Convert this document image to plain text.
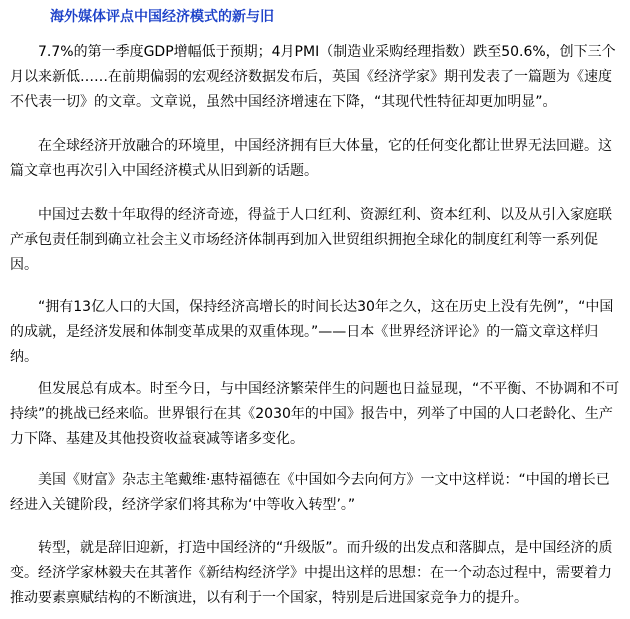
海外媒体评点中国经济模式的新与旧

7.7%的第一季度GDP增幅低于预期；4月PMI（制造业采购经理指数）跌至50.6%，创下三个月以来新低……在前期偏弱的宏观经济数据发布后，英国《经济学家》期刊发表了一篇题为《速度不代表一切》的文章。文章说，虽然中国经济增速在下降，“其现代性特征却更加明显”。

在全球经济开放融合的环境里，中国经济拥有巨大体量，它的任何变化都让世界无法回避。这篇文章也再次引入中国经济模式从旧到新的话题。

中国过去数十年取得的经济奇迹，得益于人口红利、资源红利、资本红利、以及从引入家庭联产承包责任制到确立社会主义市场经济体制再到加入世贸组织拥抱全球化的制度红利等一系列促因。

“拥有13亿人口的大国，保持经济高增长的时间长达30年之久，这在历史上没有先例”，“中国的成就，是经济发展和体制变革成果的双重体现。”——日本《世界经济评论》的一篇文章这样归纳。

但发展总有成本。时至今日，与中国经济繁荣伴生的问题也日益显现，“不平衡、不协调和不可持续”的挑战已经来临。世界银行在其《2030年的中国》报告中，列举了中国的人口老龄化、生产力下降、基建及其他投资收益衰减等诸多变化。

美国《财富》杂志主笔戴维·惠特福德在《中国如今去向何方》一文中这样说：“中国的增长已经进入关键阶段，经济学家们将其称为‘中等收入转型’。”

转型，就是辞旧迎新，打造中国经济的“升级版”。而升级的出发点和落脚点，是中国经济的质变。经济学家林毅夫在其著作《新结构经济学》中提出这样的思想：在一个动态过程中，需要着力推动要素禀赋结构的不断演进，以有利于一个国家，特别是后进国家竞争力的提升。
